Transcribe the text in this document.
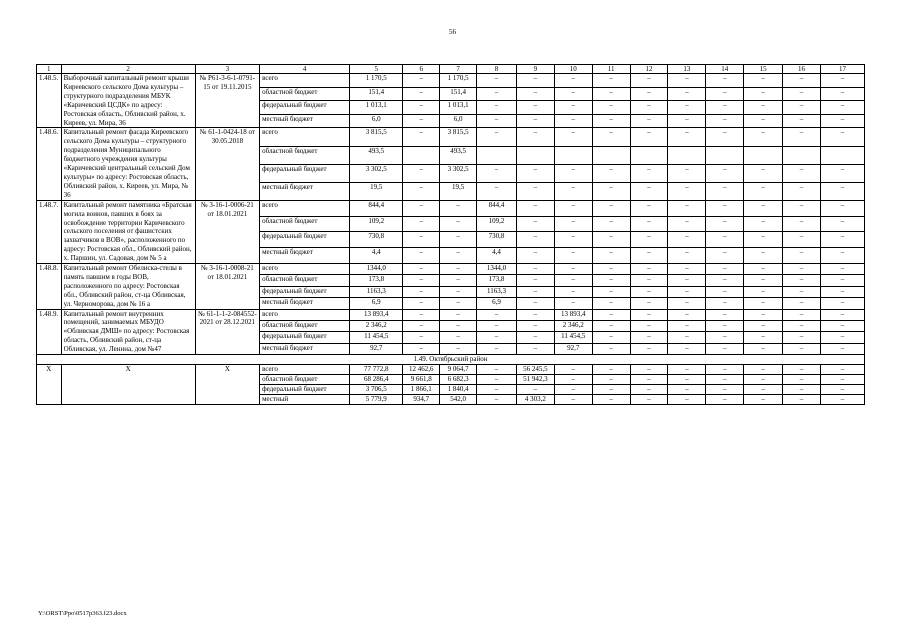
56
1	2	3	4	5	6	7	8	9	10	11	12	13	14	15	16	17
1.48.5.	Выборочный капитальный ремонт крыши Киреевского сельского Дома культуры – структурного подразделения МБУК «Каричевский ЦСДК» по адресу: Ростовская область, Обливский район, х. Киреев, ул. Мира, 36	№ Р61-3-6-1-0791-15 от 19.11.2015	всего	1 170,5	–	1 170,5	–	–	–	–	–	–	–	–	–	–
			областной бюджет	151,4	–	151,4	–	–	–	–	–	–	–	–	–	–
			федеральный бюджет	1 013,1	–	1 013,1	–	–	–	–	–	–	–	–	–	–
			местный бюджет	6,0	–	6,0	–	–	–	–	–	–	–	–	–	–
1.48.6.	Капитальный ремонт фасада Киреевского сельского Дома культуры – структурного подразделения Муниципального бюджетного учреждения культуры «Каричевский центральный сельский Дом культуры» по адресу: Ростовская область, Обливский район, х. Киреев, ул. Мира, № 36	№ 61-1-0424-18 от 30.05.2018	всего	3 815,5	–	3 815,5	–	–	–	–	–	–	–	–	–	–
			областной бюджет	493,5		493,5										
			федеральный бюджет	3 302,5	–	3 302,5	–	–	–	–	–	–	–	–	–	–
			местный бюджет	19,5	–	19,5	–	–	–	–	–	–	–	–	–	–
1.48.7.	Капитальный ремонт памятника «Братская могила воинов, павших в боях за освобождение территории Каричевского сельского поселения от фашистских захватчиков в ВОВ», расположенного по адресу: Ростовская обл., Обливский район, х. Паршин, ул. Садовая, дом № 5 а	№ 3-16-1-0006-21 от 18.01.2021	всего	844,4	–	–	844,4	–	–	–	–	–	–	–	–	–
			областной бюджет	109,2	–	–	109,2	–	–	–	–	–	–	–	–	–
			федеральный бюджет	730,8	–	–	730,8	–	–	–	–	–	–	–	–	–
			местный бюджет	4,4	–	–	4,4	–	–	–	–	–	–	–	–	–
1.48.8.	Капитальный ремонт Обелиска-стелы в память павшим в годы ВОВ, расположенного по адресу: Ростовская обл., Обливский район, ст-ца Обливская, ул. Черноморова, дом № 16 а	№ 3-16-1-0008-21 от 18.01.2021	всего	1344,0	–	–	1344,0	–	–	–	–	–	–	–	–	–
			областной бюджет	173,8	–	–	173,8	–	–	–	–	–	–	–	–	–
			федеральный бюджет	1163,3	–	–	1163,3	–	–	–	–	–	–	–	–	–
			местный бюджет	6,9	–	–	6,9	–	–	–	–	–	–	–	–	–
1.48.9.	Капитальный ремонт внутренних помещений, занимаемых МБУДО «Обливская ДМШ» по адресу: Ростовская область, Обливский район, ст-ца Обливская, ул. Ленина, дом №47	№ 61-1-1-2-084552-2021 от 28.12.2021	всего	13 893,4	–	–	–	–	13 893,4	–	–	–	–	–	–	–
			областной бюджет	2 346,2	–	–	–	–	2 346,2	–	–	–	–	–	–	–
			федеральный бюджет	11 454,5	–	–	–	–	11 454,5	–	–	–	–	–	–	–
			местный бюджет	92,7	–	–	–	–	92,7	–	–	–	–	–	–	–
1.49. Октябрьский район																
Х	Х	Х	всего	77 772,8	12 462,6	9 064,7	–	56 245,5	–	–	–	–	–	–	–	–
			областной бюджет	68 286,4	9 661,8	6 682,3	–	51 942,3	–	–	–	–	–	–	–	–
			федеральный бюджет	3 706,5	1 866,1	1 840,4	–	–	–	–	–	–	–	–	–	–
			местный	5 779,9	934,7	542,0	–	4 303,2	–	–	–	–	–	–	–	–
Y:\ORST\Ppo\0517p363.f23.docx
